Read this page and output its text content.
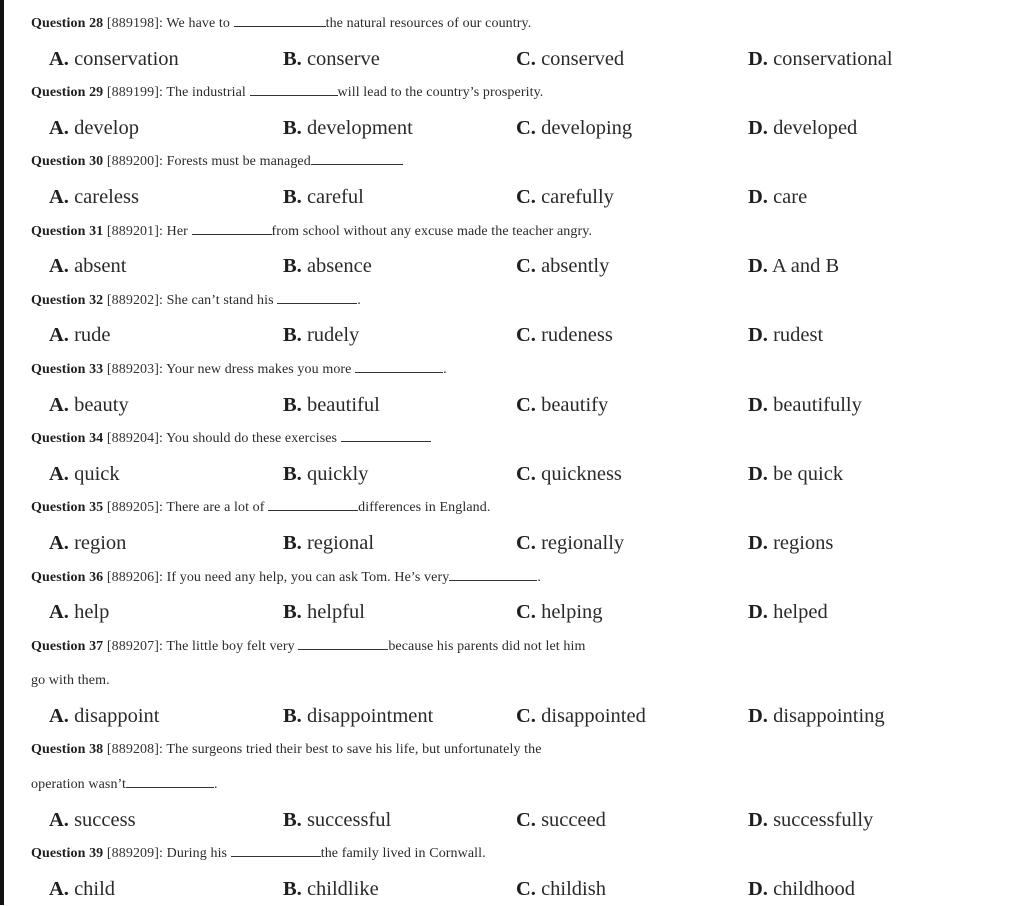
Question 28 [889198]: We have to	the natural resources of our country.
A. conservation	B. conserve	C. conserved	D. conservational
Question 29 [889199]: The industrial	will lead to the country’s prosperity.
A. develop	B. development	C. developing	D. developed
Question 30 [889200]: Forests must be managed
A. careless	B. careful	C. carefully	D. care
Question 31 [889201]: Her	from school without any excuse made the teacher angry.
A. absent	B. absence	C. absently	D. A and B
Question 32 [889202]: She can’t stand his	.
A. rude	B. rudely	C. rudeness	D. rudest
Question 33 [889203]: Your new dress makes you more	.
A. beauty	B. beautiful	C. beautify	D. beautifully
Question 34 [889204]: You should do these exercises
A. quick	B. quickly	C. quickness	D. be quick
Question 35 [889205]: There are a lot of	differences in England.
A. region	B. regional	C. regionally	D. regions
Question 36 [889206]: If you need any help, you can ask Tom. He’s very	.
A. help	B. helpful	C. helping	D. helped
Question 37 [889207]: The little boy felt very	because his parents did not let him
go with them.
A. disappoint	B. disappointment	C. disappointed	D. disappointing
Question 38 [889208]: The surgeons tried their best to save his life, but unfortunately the
operation wasn’t	.
A. success	B. successful	C. succeed	D. successfully
Question 39 [889209]: During his	the family lived in Cornwall.
A. child	B. childlike	C. childish	D. childhood
